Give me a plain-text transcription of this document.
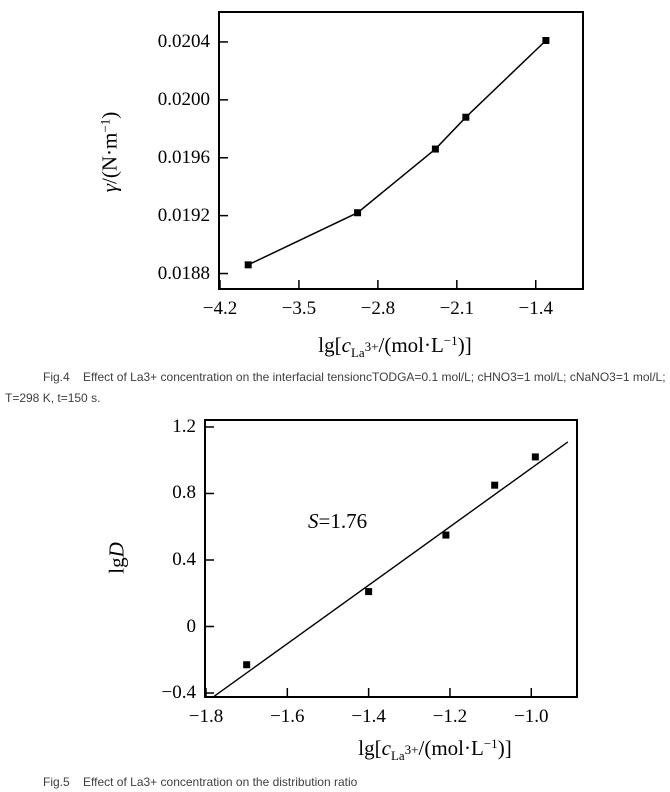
$\gamma/(N\cdot m^{-1})$
$\lg[c_{La}3+/(mol\cdot L^{-1})]$
Fig.4    Effect of La3+ concentration on the interfacial tensioncTODGA=0.1 mol/L; cHNO3=1 mol/L; cNaNO3=1 mol/L;
T=298 K, t=150 s.
lgD
S=1.76
$\lg[c_{La}3+/(mol\cdot L^{-1})]$
Fig.5    Effect of La3+ concentration on the distribution ratio
−4.2	−3.5	−2.8	−2.1	−1.4
0.0188
0.0192
0.0196
0.0200
0.0204
−1.8	−1.6	−1.4	−1.2	−1.0
−0.4
0
0.4
0.8
1.2
